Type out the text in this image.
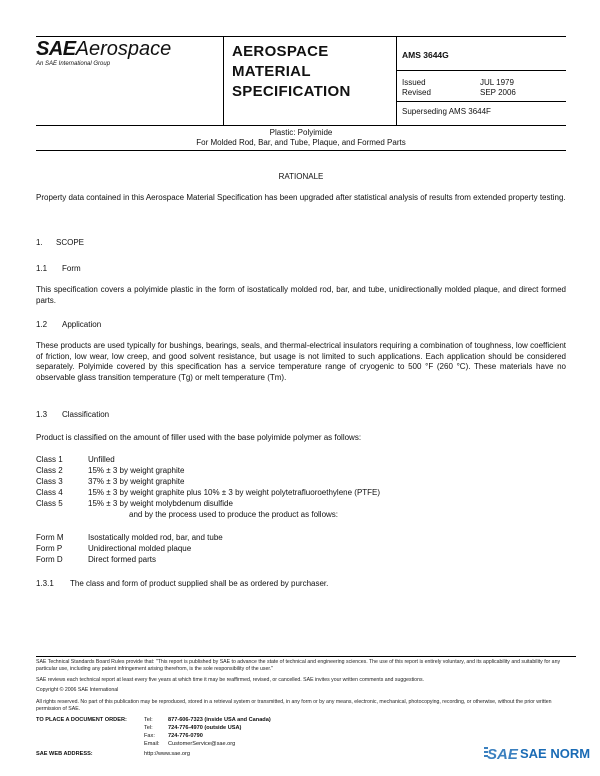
SAEAerospace
An SAE International Group
AEROSPACE
MATERIAL
SPECIFICATION
AMS 3644G
Issued	JUL 1979
Revised	SEP 2006
Superseding AMS 3644F
Plastic: Polyimide
For Molded Rod, Bar, and Tube, Plaque, and Formed Parts
RATIONALE
Property data contained in this Aerospace Material Specification has been upgraded after statistical analysis of results from extended property testing.
1. SCOPE
1.1 Form
This specification covers a polyimide plastic in the form of isostatically molded rod, bar, and tube, unidirectionally molded plaque, and direct formed parts.
1.2 Application
These products are used typically for bushings, bearings, seals, and thermal-electrical insulators requiring a combination of toughness, low coefficient of friction, low wear, low creep, and good solvent resistance, but usage is not limited to such applications. Each application should be considered separately. Polyimide covered by this specification has a service temperature range of cryogenic to 500 °F (260 °C). These materials have no observable glass transition temperature (Tg) or melt temperature (Tm).
1.3 Classification
Product is classified on the amount of filler used with the base polyimide polymer as follows:
Class 1	Unfilled
Class 2	15% ± 3 by weight graphite
Class 3	37% ± 3 by weight graphite
Class 4	15% ± 3 by weight graphite plus 10% ± 3 by weight polytetrafluoroethylene (PTFE)
Class 5	15% ± 3 by weight molybdenum disulfide
and by the process used to produce the product as follows:
Form M	Isostatically molded rod, bar, and tube
Form P	Unidirectional molded plaque
Form D	Direct formed parts
1.3.1 The class and form of product supplied shall be as ordered by purchaser.
SAE Technical Standards Board Rules provide that: "This report is published by SAE to advance the state of technical and engineering sciences. The use of this report is entirely voluntary, and its applicability and suitability for any particular use, including any patent infringement arising therefrom, is the sole responsibility of the user."
SAE reviews each technical report at least every five years at which time it may be reaffirmed, revised, or cancelled. SAE invites your written comments and suggestions.
Copyright © 2006 SAE International
All rights reserved. No part of this publication may be reproduced, stored in a retrieval system or transmitted, in any form or by any means, electronic, mechanical, photocopying, recording, or otherwise, without the prior written permission of SAE.
TO PLACE A DOCUMENT ORDER:	Tel:	877-606-7323 (inside USA and Canada)
Tel:	724-776-4970 (outside USA)
Fax: 724-776-0790
Email: CustomerService@sae.org
SAE WEB ADDRESS:	http://www.sae.org	SAE SAE NORM
